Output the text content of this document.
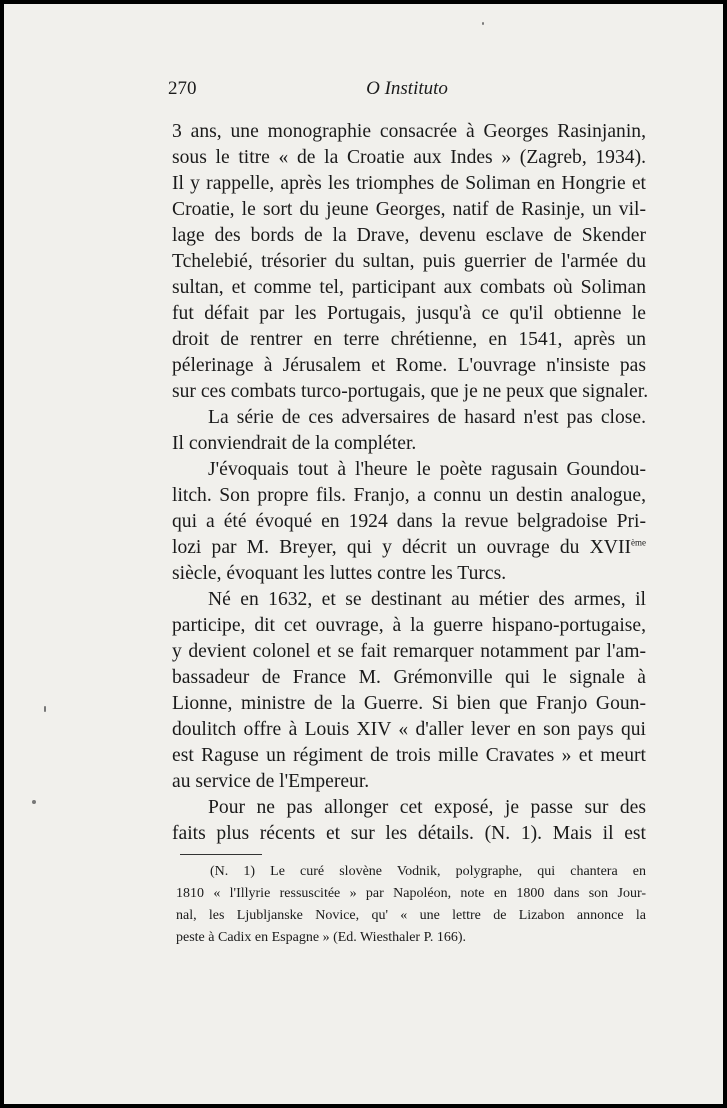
270	O Instituto
3 ans, une monographie consacrée à Georges Rasinjanin,
sous le titre « de la Croatie aux Indes » (Zagreb, 1934).
Il y rappelle, après les triomphes de Soliman en Hongrie et
Croatie, le sort du jeune Georges, natif de Rasinje, un vil-
lage des bords de la Drave, devenu esclave de Skender
Tchelebié, trésorier du sultan, puis guerrier de l'armée du
sultan, et comme tel, participant aux combats où Soliman
fut défait par les Portugais, jusqu'à ce qu'il obtienne le
droit de rentrer en terre chrétienne, en 1541, après un
pélerinage à Jérusalem et Rome. L'ouvrage n'insiste pas
sur ces combats turco-portugais, que je ne peux que signaler.
La série de ces adversaires de hasard n'est pas close.
Il conviendrait de la compléter.
J'évoquais tout à l'heure le poète ragusain Goundou-
litch. Son propre fils. Franjo, a connu un destin analogue,
qui a été évoqué en 1924 dans la revue belgradoise Pri-
lozi par M. Breyer, qui y décrit un ouvrage du XVIIème
siècle, évoquant les luttes contre les Turcs.
Né en 1632, et se destinant au métier des armes, il
participe, dit cet ouvrage, à la guerre hispano-portugaise,
y devient colonel et se fait remarquer notamment par l'am-
bassadeur de France M. Grémonville qui le signale à
Lionne, ministre de la Guerre. Si bien que Franjo Goun-
doulitch offre à Louis XIV « d'aller lever en son pays qui
est Raguse un régiment de trois mille Cravates » et meurt
au service de l'Empereur.
Pour ne pas allonger cet exposé, je passe sur des
faits plus récents et sur les détails. (N. 1). Mais il est
(N. 1) Le curé slovène Vodnik, polygraphe, qui chantera en
1810 « l'Illyrie ressuscitée » par Napoléon, note en 1800 dans son Jour-
nal, les Ljubljanske Novice, qu' « une lettre de Lizabon annonce la
peste à Cadix en Espagne » (Ed. Wiesthaler P. 166).
